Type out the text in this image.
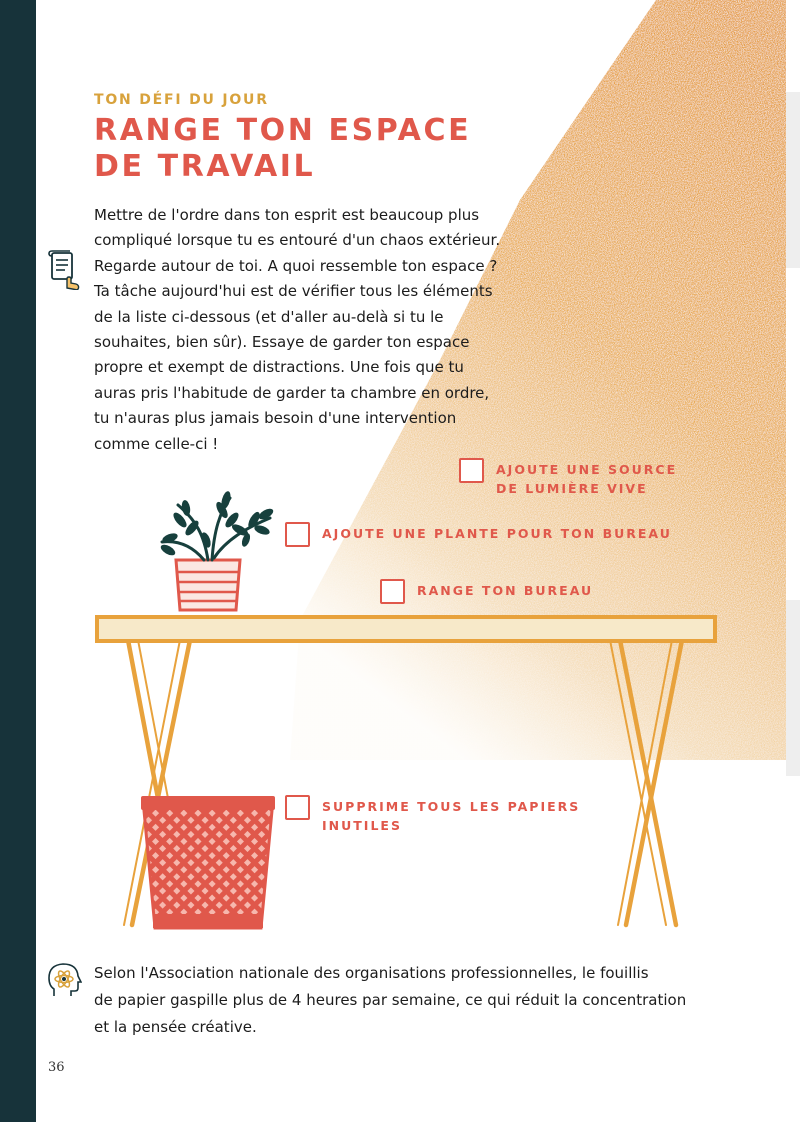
TON DÉFI DU JOUR
RANGE TON ESPACE
DE TRAVAIL
Mettre de l'ordre dans ton esprit est beaucoup plus
compliqué lorsque tu es entouré d'un chaos extérieur.
Regarde autour de toi. A quoi ressemble ton espace ?
Ta tâche aujourd'hui est de vérifier tous les éléments
de la liste ci-dessous (et d'aller au-delà si tu le
souhaites, bien sûr). Essaye de garder ton espace
propre et exempt de distractions. Une fois que tu
auras pris l'habitude de garder ta chambre en ordre,
tu n'auras plus jamais besoin d'une intervention
comme celle-ci !
AJOUTE UNE SOURCE
DE LUMIÈRE VIVE
AJOUTE UNE PLANTE POUR TON BUREAU
RANGE TON BUREAU
SUPPRIME TOUS LES PAPIERS
INUTILES
Selon l'Association nationale des organisations professionnelles, le fouillis
de papier gaspille plus de 4 heures par semaine, ce qui réduit la concentration
et la pensée créative.
36
